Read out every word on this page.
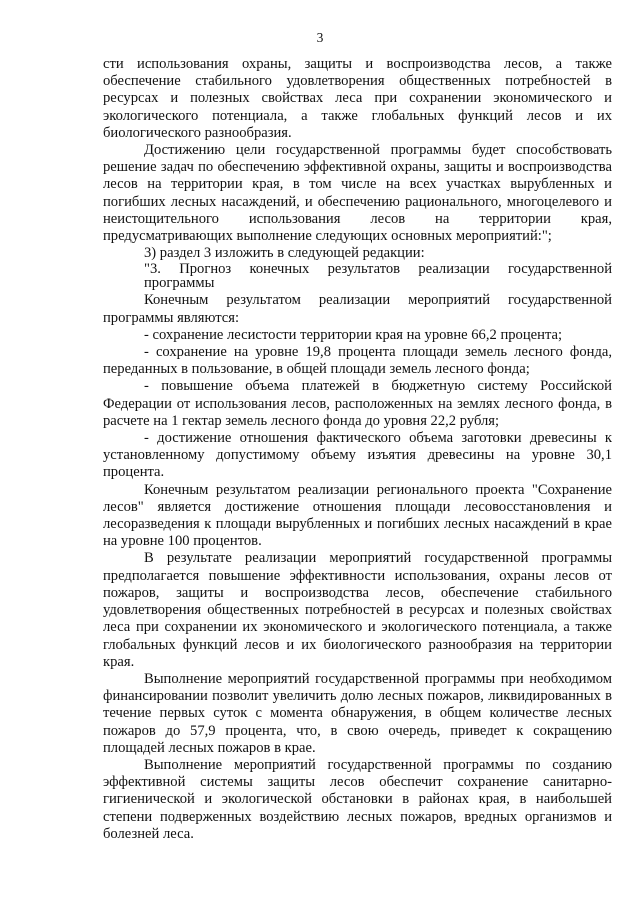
3

сти использования охраны, защиты и воспроизводства лесов, а также обеспечение стабильного удовлетворения общественных потребностей в ресурсах и полезных свойствах леса при сохранении экономического и экологического потенциала, а также глобальных функций лесов и их биологического разнообразия.

Достижению цели государственной программы будет способствовать решение задач по обеспечению эффективной охраны, защиты и воспроизводства лесов на территории края, в том числе на всех участках вырубленных и погибших лесных насаждений, и обеспечению рационального, многоцелевого и неистощительного использования лесов на территории края, предусматривающих выполнение следующих основных мероприятий:";

3) раздел 3 изложить в следующей редакции:

"3. Прогноз конечных результатов реализации государственной программы

Конечным результатом реализации мероприятий государственной программы являются:

- сохранение лесистости территории края на уровне 66,2 процента;

- сохранение на уровне 19,8 процента площади земель лесного фонда, переданных в пользование, в общей площади земель лесного фонда;

- повышение объема платежей в бюджетную систему Российской Федерации от использования лесов, расположенных на землях лесного фонда, в расчете на 1 гектар земель лесного фонда до уровня 22,2 рубля;

- достижение отношения фактического объема заготовки древесины к установленному допустимому объему изъятия древесины на уровне 30,1 процента.

Конечным результатом реализации регионального проекта "Сохранение лесов" является достижение отношения площади лесовосстановления и лесоразведения к площади вырубленных и погибших лесных насаждений в крае на уровне 100 процентов.

В результате реализации мероприятий государственной программы предполагается повышение эффективности использования, охраны лесов от пожаров, защиты и воспроизводства лесов, обеспечение стабильного удовлетворения общественных потребностей в ресурсах и полезных свойствах леса при сохранении их экономического и экологического потенциала, а также глобальных функций лесов и их биологического разнообразия на территории края.

Выполнение мероприятий государственной программы при необходимом финансировании позволит увеличить долю лесных пожаров, ликвидированных в течение первых суток с момента обнаружения, в общем количестве лесных пожаров до 57,9 процента, что, в свою очередь, приведет к сокращению площадей лесных пожаров в крае.

Выполнение мероприятий государственной программы по созданию эффективной системы защиты лесов обеспечит сохранение санитарно-гигиенической и экологической обстановки в районах края, в наибольшей степени подверженных воздействию лесных пожаров, вредных организмов и болезней леса.
